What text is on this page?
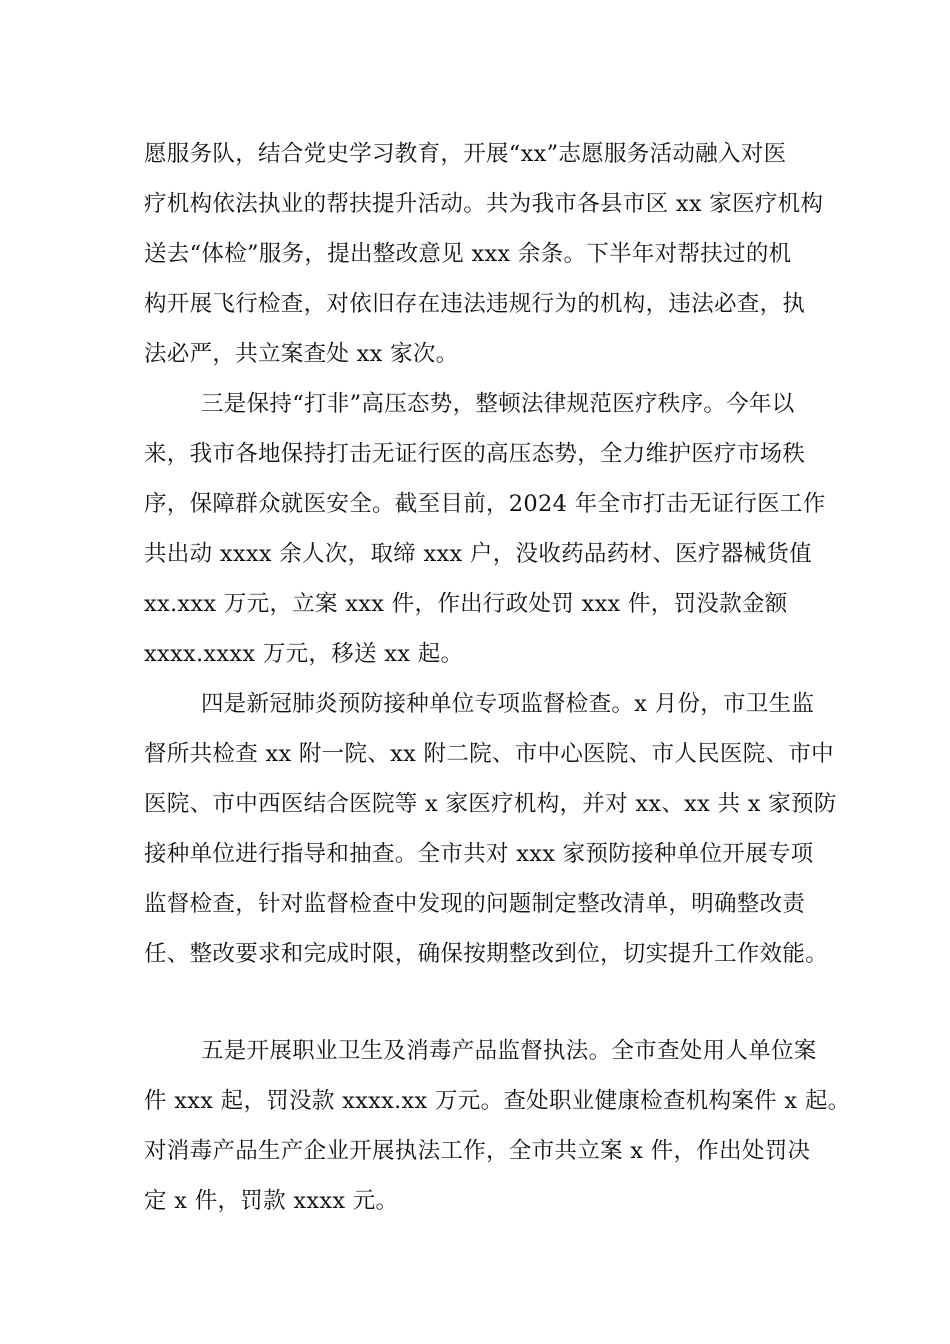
愿服务队，结合党史学习教育，开展“xx”志愿服务活动融入对医
疗机构依法执业的帮扶提升活动。共为我市各县市区 xx 家医疗机构
送去“体检”服务，提出整改意见 xxx 余条。下半年对帮扶过的机
构开展飞行检查，对依旧存在违法违规行为的机构，违法必查，执
法必严，共立案查处 xx 家次。
三是保持“打非”高压态势，整顿法律规范医疗秩序。今年以
来，我市各地保持打击无证行医的高压态势，全力维护医疗市场秩
序，保障群众就医安全。截至目前，2024 年全市打击无证行医工作
共出动 xxxx 余人次，取缔 xxx 户，没收药品药材、医疗器械货值
xx.xxx 万元，立案 xxx 件，作出行政处罚 xxx 件，罚没款金额
xxxx.xxxx 万元，移送 xx 起。
四是新冠肺炎预防接种单位专项监督检查。x 月份，市卫生监
督所共检查 xx 附一院、xx 附二院、市中心医院、市人民医院、市中
医院、市中西医结合医院等 x 家医疗机构，并对 xx、xx 共 x 家预防
接种单位进行指导和抽查。全市共对 xxx 家预防接种单位开展专项
监督检查，针对监督检查中发现的问题制定整改清单，明确整改责
任、整改要求和完成时限，确保按期整改到位，切实提升工作效能。
五是开展职业卫生及消毒产品监督执法。全市查处用人单位案
件 xxx 起，罚没款 xxxx.xx 万元。查处职业健康检查机构案件 x 起。
对消毒产品生产企业开展执法工作，全市共立案 x 件，作出处罚决
定 x 件，罚款 xxxx 元。
